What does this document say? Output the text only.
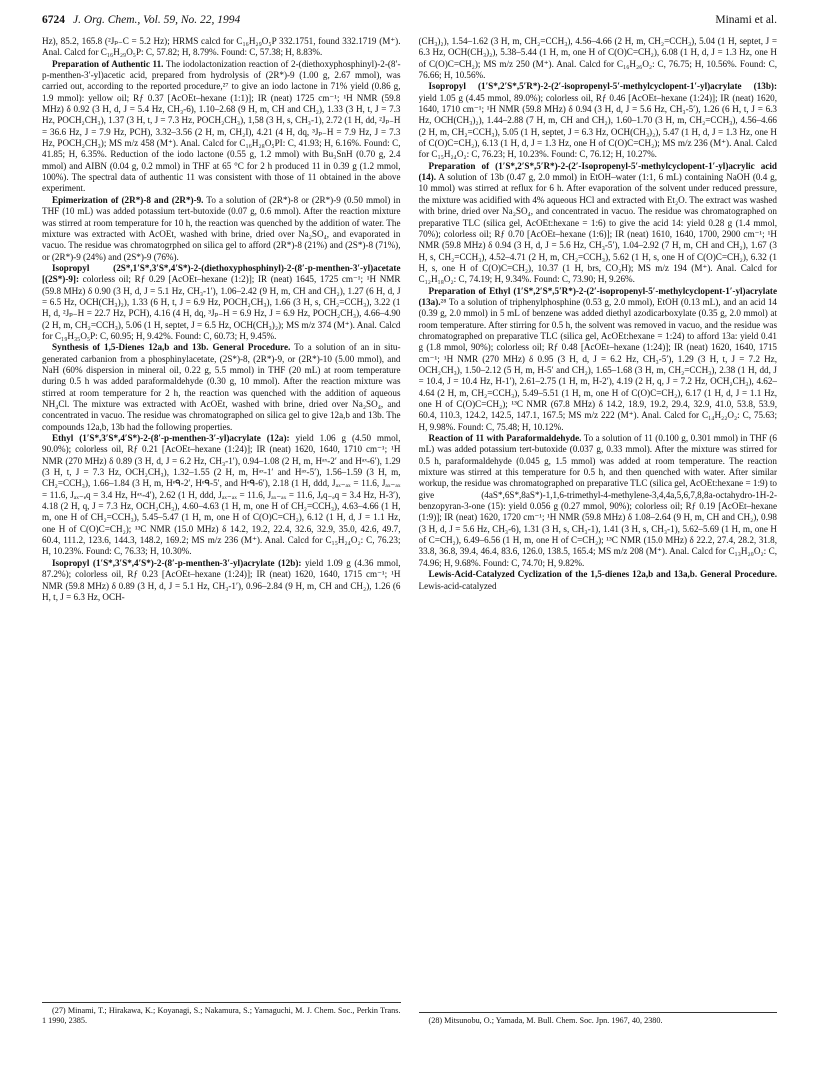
6724 J. Org. Chem., Vol. 59, No. 22, 1994	Minami et al.

Hz), 85.2, 165.8 (²Jₚ₋C = 5.2 Hz); HRMS calcd for C₁₆H₂₉O₅P 332.1751, found 332.1719 (M⁺). Anal. Calcd for C₁₆H₂₉O₅P: C, 57.82; H, 8.79%. Found: C, 57.38; H, 8.83%.

Preparation of Authentic 11. The iodolactonization reaction of 2-(diethoxyphosphinyl)-2-(8′-p-menthen-3′-yl)acetic acid, prepared from hydrolysis of (2R*)-9 (1.00 g, 2.67 mmol), was carried out, according to the reported procedure,²⁷ to give an iodo lactone in 71% yield (0.86 g, 1.9 mmol): yellow oil; Rƒ 0.37 [AcOEt–hexane (1:1)]; IR (neat) 1725 cm⁻¹; ¹H NMR (59.8 MHz) δ 0.92 (3 H, d, J = 5.4 Hz, CH₃-6), 1.10–2.68 (9 H, m, CH and CH₂), 1.33 (3 H, t, J = 7.3 Hz, POCH₂CH₃), 1.37 (3 H, t, J = 7.3 Hz, POCH₂CH₃), 1,58 (3 H, s, CH₃-1), 2.72 (1 H, dd, ²Jₚ₋H = 36.6 Hz, J = 7.9 Hz, PCH), 3.32–3.56 (2 H, m, CH₂I), 4.21 (4 H, dq, ³Jₚ₋H = 7.9 Hz, J = 7.3 Hz, POCH₂CH₃); MS m/z 458 (M⁺). Anal. Calcd for C₁₆H₂₈O₅PI: C, 41.93; H, 6.16%. Found: C, 41.85; H, 6.35%. Reduction of the iodo lactone (0.55 g, 1.2 mmol) with Bu₃SnH (0.70 g, 2.4 mmol) and AIBN (0.04 g, 0.2 mmol) in THF at 65 °C for 2 h produced 11 in 0.39 g (1.2 mmol, 100%). The spectral data of authentic 11 was consistent with those of 11 obtained in the above experiment.

Epimerization of (2R*)-8 and (2R*)-9. To a solution of (2R*)-8 or (2R*)-9 (0.50 mmol) in THF (10 mL) was added potassium tert-butoxide (0.07 g, 0.6 mmol). After the reaction mixture was stirred at room temperature for 10 h, the reaction was quenched by the addition of water. The mixture was extracted with AcOEt, washed with brine, dried over Na₂SO₄, and evaporated in vacuo. The residue was chromatogrphed on silica gel to afford (2R*)-8 (21%) and (2S*)-8 (71%), or (2R*)-9 (24%) and (2S*)-9 (76%).

Isopropyl (2S*,1′S*,3′S*,4′S*)-2-(diethoxyphosphinyl)-2-(8′-p-menthen-3′-yl)acetate [(2S*)-9]: colorless oil; Rƒ 0.29 [AcOEt–hexane (1:2)]; IR (neat) 1645, 1725 cm⁻¹; ¹H NMR (59.8 MHz) δ 0.90 (3 H, d, J = 5.1 Hz, CH₃-1′), 1.06–2.42 (9 H, m, CH and CH₂), 1.27 (6 H, d, J = 6.5 Hz, OCH(CH₃)₂), 1.33 (6 H, t, J = 6.9 Hz, POCH₂CH₃), 1.66 (3 H, s, CH₂=CCH₃), 3.22 (1 H, d, ²Jₚ₋H = 22.7 Hz, PCH), 4.16 (4 H, dq, ³Jₚ₋H = 6.9 Hz, J = 6.9 Hz, POCH₂CH₃), 4.66–4.90 (2 H, m, CH₂=CCH₃), 5.06 (1 H, septet, J = 6.5 Hz, OCH(CH₃)₂); MS m/z 374 (M⁺). Anal. Calcd for C₁₉H₃₅O₅P: C, 60.95; H, 9.42%. Found: C, 60.73; H, 9.45%.

Synthesis of 1,5-Dienes 12a,b and 13b. General Procedure. To a solution of an in situ-generated carbanion from a phosphinylacetate, (2S*)-8, (2R*)-9, or (2R*)-10 (5.00 mmol), and NaH (60% dispersion in mineral oil, 0.22 g, 5.5 mmol) in THF (20 mL) at room temperature during 0.5 h was added paraformaldehyde (0.30 g, 10 mmol). After the reaction mixture was stirred at room temperature for 2 h, the reaction was quenched with the addition of aqueous NH₄Cl. The mixture was extracted with AcOEt, washed with brine, dried over Na₂SO₄, and concentrated in vacuo. The residue was chromatographed on silica gel to give 12a,b and 13b. The compounds 12a,b, 13b had the following properties.

Ethyl (1′S*,3′S*,4′S*)-2-(8′-p-menthen-3′-yl)acrylate (12a): yield 1.06 g (4.50 mmol, 90.0%); colorless oil, Rƒ 0.21 [AcOEt–hexane (1:24)]; IR (neat) 1620, 1640, 1710 cm⁻¹; ¹H NMR (270 MHz) δ 0.89 (3 H, d, J = 6.2 Hz, CH₃-1′), 0.94–1.08 (2 H, m, Hᵃˣ-2′ and Hᵃˣ-6′), 1.29 (3 H, t, J = 7.3 Hz, OCH₂CH₃), 1.32–1.55 (2 H, m, Hᵃˣ-1′ and Hᵃˣ-5′), 1.56–1.59 (3 H, m, CH₂=CCH₃), 1.66–1.84 (3 H, m, Hᵉᑫ-2′, Hᵉᑫ-5′, and Hᵉᑫ-6′), 2.18 (1 H, ddd, Jₐₓ₋ₐₓ = 11.6, Jₐₓ₋ₐₓ = 11.6, Jₐₓ₋ₑq = 3.4 Hz, Hᵃˣ-4′), 2.62 (1 H, ddd, Jₐₓ₋ₐₓ = 11.6, Jₐₓ₋ₐₓ = 11.6, Jₑq₋ₑq = 3.4 Hz, H-3′), 4.18 (2 H, q, J = 7.3 Hz, OCH₂CH₃), 4.60–4.63 (1 H, m, one H of CH₂=CCH₃), 4.63–4.66 (1 H, m, one H of CH₂=CCH₃), 5.45–5.47 (1 H, m, one H of C(O)C=CH₂), 6.12 (1 H, d, J = 1.1 Hz, one H of C(O)C=CH₂); ¹³C NMR (15.0 MHz) δ 14.2, 19.2, 22.4, 32.6, 32.9, 35.0, 42.6, 49.7, 60.4, 111.2, 123.6, 144.3, 148.2, 169.2; MS m/z 236 (M⁺). Anal. Calcd for C₁₅H₂₄O₂: C, 76.23; H, 10.23%. Found: C, 76.33; H, 10.30%.

Isopropyl (1′S*,3′S*,4′S*)-2-(8′-p-menthen-3′-yl)acrylate (12b): yield 1.09 g (4.36 mmol, 87.2%); colorless oil, Rƒ 0.23 [AcOEt–hexane (1:24)]; IR (neat) 1620, 1640, 1715 cm⁻¹; ¹H NMR (59.8 MHz) δ 0.89 (3 H, d, J = 5.1 Hz, CH₃-1′), 0.96–2.84 (9 H, m, CH and CH₂), 1.26 (6 H, t, J = 6.3 Hz, OCH-

(27) Minami, T.; Hirakawa, K.; Koyanagi, S.; Nakamura, S.; Yamaguchi, M. J. Chem. Soc., Perkin Trans. 1 1990, 2385.

(CH₃)₂), 1.54–1.62 (3 H, m, CH₂=CCH₃), 4.56–4.66 (2 H, m, CH₂=CCH₃), 5.04 (1 H, septet, J = 6.3 Hz, OCH(CH₃)₂), 5.38–5.44 (1 H, m, one H of C(O)C=CH₂), 6.08 (1 H, d, J = 1.3 Hz, one H of C(O)C=CH₂); MS m/z 250 (M⁺). Anal. Calcd for C₁₆H₂₆O₂: C, 76.75; H, 10.56%. Found: C, 76.66; H, 10.56%.

Isopropyl (1′S*,2′S*,5′R*)-2-(2′-isopropenyl-5′-methylcyclopent-1′-yl)acrylate (13b): yield 1.05 g (4.45 mmol, 89.0%); colorless oil, Rƒ 0.46 [AcOEt–hexane (1:24)]; IR (neat) 1620, 1640, 1710 cm⁻¹; ¹H NMR (59.8 MHz) δ 0.94 (3 H, d, J = 5.6 Hz, CH₃-5′), 1.26 (6 H, t, J = 6.3 Hz, OCH(CH₃)₂), 1.44–2.88 (7 H, m, CH and CH₂), 1.60–1.70 (3 H, m, CH₂=CCH₃), 4.56–4.66 (2 H, m, CH₂=CCH₃), 5.05 (1 H, septet, J = 6.3 Hz, OCH(CH₃)₂), 5.47 (1 H, d, J = 1.3 Hz, one H of C(O)C=CH₂), 6.13 (1 H, d, J = 1.3 Hz, one H of C(O)C=CH₂); MS m/z 236 (M⁺). Anal. Calcd for C₁₅H₂₄O₂: C, 76.23; H, 10.23%. Found: C, 76.12; H, 10.27%.

Preparation of (1′S*,2′S*,5′R*)-2-(2′-Isopropenyl-5′-methylcyclopent-1′-yl)acrylic acid (14). A solution of 13b (0.47 g, 2.0 mmol) in EtOH–water (1:1, 6 mL) containing NaOH (0.4 g, 10 mmol) was stirred at reflux for 6 h. After evaporation of the solvent under reduced pressure, the mixture was acidified with 4% aqueous HCl and extracted with Et₂O. The extract was washed with brine, dried over Na₂SO₄, and concentrated in vacuo. The residue was chromatographed on preparative TLC (silica gel, AcOEt:hexane = 1:6) to give the acid 14: yield 0.28 g (1.4 mmol, 70%); colorless oil; Rƒ 0.70 [AcOEt–hexane (1:6)]; IR (neat) 1610, 1640, 1700, 2900 cm⁻¹; ¹H NMR (59.8 MHz) δ 0.94 (3 H, d, J = 5.6 Hz, CH₃-5′), 1.04–2.92 (7 H, m, CH and CH₂), 1.67 (3 H, s, CH₂=CCH₃), 4.52–4.71 (2 H, m, CH₂=CCH₃), 5.62 (1 H, s, one H of C(O)C=CH₂), 6.32 (1 H, s, one H of C(O)C=CH₂), 10.37 (1 H, brs, CO₂H); MS m/z 194 (M⁺). Anal. Calcd for C₁₂H₁₈O₂: C, 74.19; H, 9.34%. Found: C, 73.90; H, 9.26%.

Preparation of Ethyl (1′S*,2′S*,5′R*)-2-(2′-isopropenyl-5′-methylcyclopent-1′-yl)acrylate (13a).²⁸ To a solution of triphenylphosphine (0.53 g, 2.0 mmol), EtOH (0.13 mL), and an acid 14 (0.39 g, 2.0 mmol) in 5 mL of benzene was added diethyl azodicarboxylate (0.35 g, 2.0 mmol) at room temperature. After stirring for 0.5 h, the solvent was removed in vacuo, and the residue was chromatographed on preparative TLC (silica gel, AcOEt:hexane = 1:24) to afford 13a: yield 0.41 g (1.8 mmol, 90%); colorless oil; Rƒ 0.48 [AcOEt–hexane (1:24)]; IR (neat) 1620, 1640, 1715 cm⁻¹; ¹H NMR (270 MHz) δ 0.95 (3 H, d, J = 6.2 Hz, CH₃-5′), 1.29 (3 H, t, J = 7.2 Hz, OCH₂CH₃), 1.50–2.12 (5 H, m, H-5′ and CH₂), 1.65–1.68 (3 H, m, CH₂=CCH₃), 2.38 (1 H, dd, J = 10.4, J = 10.4 Hz, H-1′), 2.61–2.75 (1 H, m, H-2′), 4.19 (2 H, q, J = 7.2 Hz, OCH₂CH₃), 4.62–4.64 (2 H, m, CH₂=CCH₃), 5.49–5.51 (1 H, m, one H of C(O)C=CH₂), 6.17 (1 H, d, J = 1.1 Hz, one H of C(O)C=CH₂); ¹³C NMR (67.8 MHz) δ 14.2, 18.9, 19.2, 29.4, 32.9, 41.0, 53.8, 53.9, 60.4, 110.3, 124.2, 142.5, 147.1, 167.5; MS m/z 222 (M⁺). Anal. Calcd for C₁₄H₂₂O₂: C, 75.63; H, 9.98%. Found: C, 75.48; H, 10.12%.

Reaction of 11 with Paraformaldehyde. To a solution of 11 (0.100 g, 0.301 mmol) in THF (6 mL) was added potassium tert-butoxide (0.037 g, 0.33 mmol). After the mixture was stirred for 0.5 h, paraformaldehyde (0.045 g, 1.5 mmol) was added at room temperature. The reaction mixture was stirred at this temperature for 0.5 h, and then quenched with water. After similar workup, the residue was chromatographed on preparative TLC (silica gel, AcOEt:hexane = 1:9) to give (4aS*,6S*,8aS*)-1,1,6-trimethyl-4-methylene-3,4,4a,5,6,7,8,8a-octahydro-1H-2-benzopyran-3-one (15): yield 0.056 g (0.27 mmol, 90%); colorless oil; Rƒ 0.19 [AcOEt–hexane (1:9)]; IR (neat) 1620, 1720 cm⁻¹; ¹H NMR (59.8 MHz) δ 1.08–2.64 (9 H, m, CH and CH₂), 0.98 (3 H, d, J = 5.6 Hz, CH₃-6), 1.31 (3 H, s, CH₃-1), 1.41 (3 H, s, CH₃-1), 5.62–5.69 (1 H, m, one H of C=CH₂), 6.49–6.56 (1 H, m, one H of C=CH₂); ¹³C NMR (15.0 MHz) δ 22.2, 27.4, 28.2, 31.8, 33.8, 36.8, 39.4, 46.4, 83.6, 126.0, 138.5, 165.4; MS m/z 208 (M⁺). Anal. Calcd for C₁₃H₂₀O₂: C, 74.96; H, 9.68%. Found: C, 74.70; H, 9.82%.

Lewis-Acid-Catalyzed Cyclization of the 1,5-dienes 12a,b and 13a,b. General Procedure. Lewis-acid-catalyzed

(28) Mitsunobu, O.; Yamada, M. Bull. Chem. Soc. Jpn. 1967, 40, 2380.
